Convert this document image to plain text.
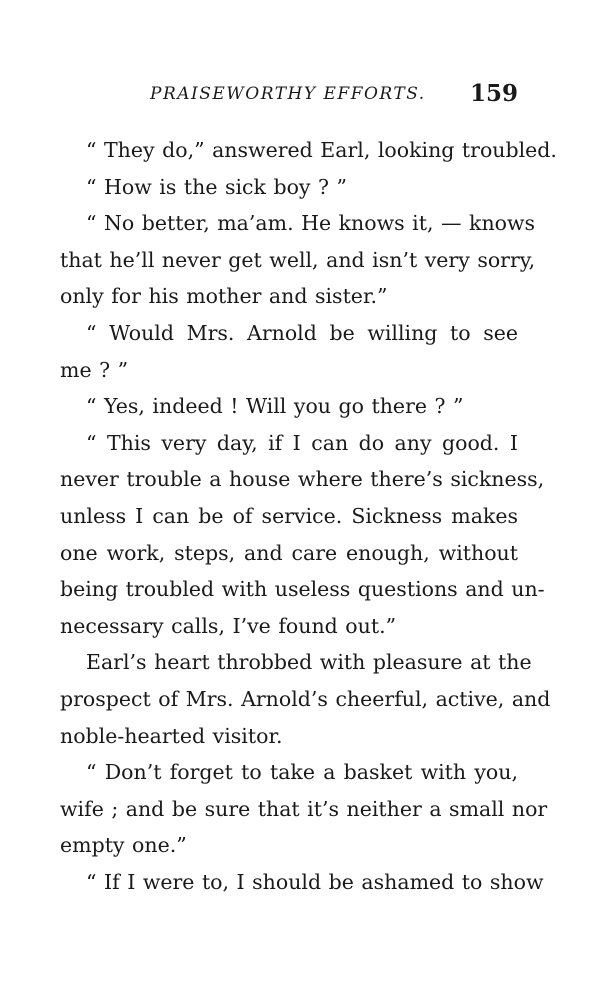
PRAISEWORTHY EFFORTS. 159
“ They do,” answered Earl, looking troubled.
“ How is the sick boy ? ”
“ No better, ma’am. He knows it, — knows
that he’ll never get well, and isn’t very sorry,
only for his mother and sister.”
“ Would Mrs. Arnold be willing to see
me ? ”
“ Yes, indeed ! Will you go there ? ”
“ This very day, if I can do any good. I
never trouble a house where there’s sickness,
unless I can be of service. Sickness makes
one work, steps, and care enough, without
being troubled with useless questions and un-
necessary calls, I’ve found out.”
Earl’s heart throbbed with pleasure at the
prospect of Mrs. Arnold’s cheerful, active, and
noble-hearted visitor.
“ Don’t forget to take a basket with you,
wife ; and be sure that it’s neither a small nor
empty one.”
“ If I were to, I should be ashamed to show
